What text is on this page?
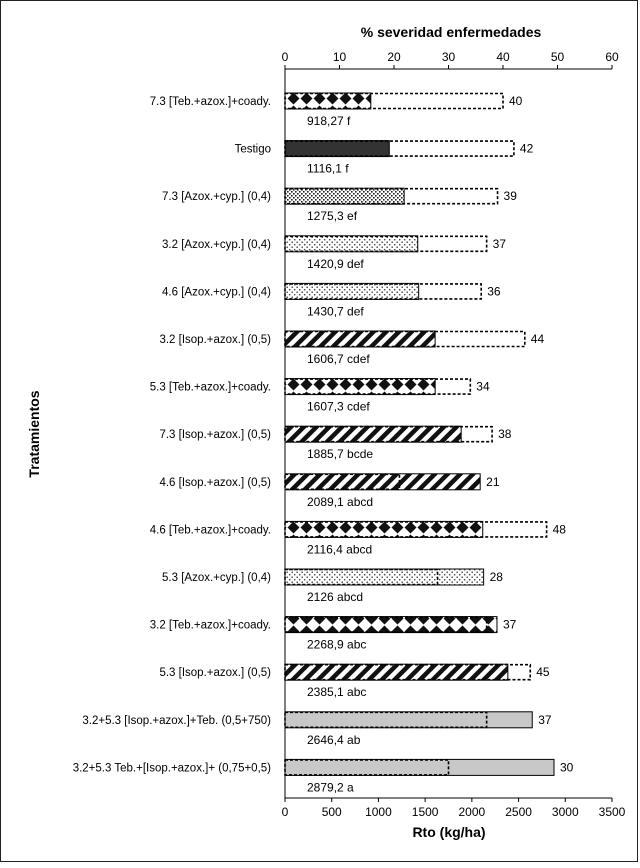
0	10	20	30	40	50	60
0	500 1000 1500 2000 2500 3000 3500
40
918,27 f
42
1116,1 f
39
1275,3 ef
37
1420,9 def
36
1430,7 def
44
1606,7 cdef
34
1607,3 cdef
38
1885,7 bcde
21
2089,1 abcd
48
2116,4 abcd
28
2126 abcd
37
2268,9 abc
45
2385,1 abc
37
2646,4 ab
30
2879,2 a
7.3 [Teb.+azox.]+coady.
Testigo
7.3 [Azox.+cyp.] (0,4)
3.2 [Azox.+cyp.] (0,4)
4.6 [Azox.+cyp.] (0,4)
3.2 [Isop.+azox.] (0,5)
5.3 [Teb.+azox.]+coady.
7.3 [Isop.+azox.] (0,5)
4.6 [Isop.+azox.] (0,5)
4.6 [Teb.+azox.]+coady.
5.3 [Azox.+cyp.] (0,4)
3.2 [Teb.+azox.]+coady.
5.3 [Isop.+azox.] (0,5)
3.2+5.3 [Isop.+azox.]+Teb. (0,5+750)
3.2+5.3 Teb.+[Isop.+azox.]+ (0,75+0,5)
% severidad enfermedades
Rto (kg/ha)
Tratamientos
